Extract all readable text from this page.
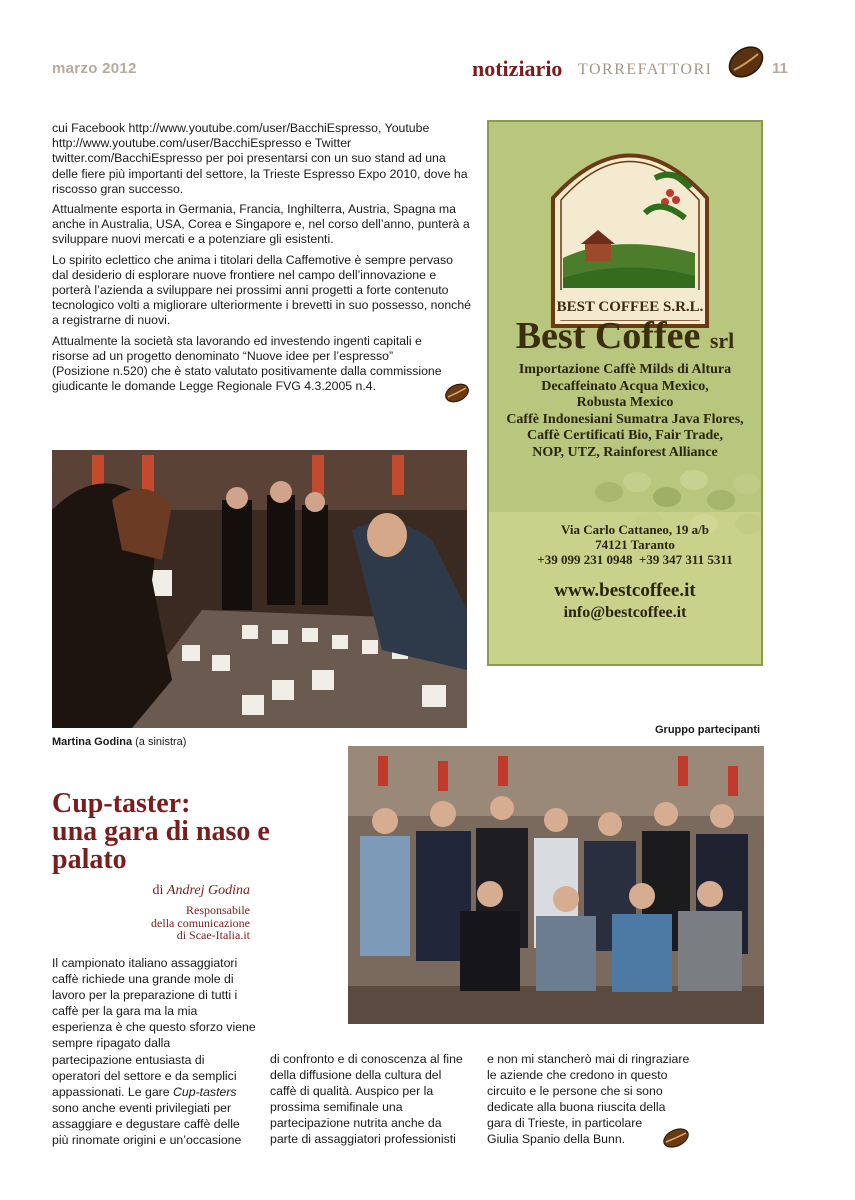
marzo 2012	notiziario TORREFATTORI	11

cui Facebook http://www.youtube.com/user/BacchiEspresso, Youtube http://www.youtube.com/user/BacchiEspresso e Twitter twitter.com/BacchiEspresso per poi presentarsi con un suo stand ad una delle fiere più importanti del settore, la Trieste Espresso Expo 2010, dove ha riscosso gran successo.

Attualmente esporta in Germania, Francia, Inghilterra, Austria, Spagna ma anche in Australia, USA, Corea e Singapore e, nel corso dell’anno, punterà a sviluppare nuovi mercati e a potenziare gli esistenti.

Lo spirito eclettico che anima i titolari della Caffemotive è sempre pervaso dal desiderio di esplorare nuove frontiere nel campo dell’innovazione e porterà l’azienda a sviluppare nei prossimi anni progetti a forte contenuto tecnologico volti a migliorare ulteriormente i brevetti in suo possesso, nonché a registrarne di nuovi.

Attualmente la società sta lavorando ed investendo ingenti capitali e risorse ad un progetto denominato “Nuove idee per l’espresso” (Posizione n.520) che è stato valutato positivamente dalla commissione giudicante le domande Legge Regionale FVG 4.3.2005 n.4.

BEST COFFEE S.R.L.
Best Coffee srl
Importazione Caffè Milds di Altura
Decaffeinato Acqua Mexico,
Robusta Mexico
Caffè Indonesiani Sumatra Java Flores,
Caffè Certificati Bio, Fair Trade,
NOP, UTZ, Rainforest Alliance
Via Carlo Cattaneo, 19 a/b
74121 Taranto
+39 099 231 0948 +39 347 311 5311
www.bestcoffee.it
info@bestcoffee.it
Martina Godina (a sinistra)
Gruppo partecipanti
Cup-taster:
una gara di naso e
palato
di Andrej Godina
Responsabile
della comunicazione
di Scae-Italia.it
Il campionato italiano assaggiatori
caffè richiede una grande mole di
lavoro per la preparazione di tutti i
caffè per la gara ma la mia
esperienza è che questo sforzo viene
sempre ripagato dalla
partecipazione entusiasta di
operatori del settore e da semplici
appassionati. Le gare Cup-tasters
sono anche eventi privilegiati per
assaggiare e degustare caffè delle
più rinomate origini e un’occasione
di confronto e di conoscenza al fine
della diffusione della cultura del
caffè di qualità. Auspico per la
prossima semifinale una
partecipazione nutrita anche da
parte di assaggiatori professionisti
e non mi stancherò mai di ringraziare
le aziende che credono in questo
circuito e le persone che si sono
dedicate alla buona riuscita della
gara di Trieste, in particolare
Giulia Spanio della Bunn.
